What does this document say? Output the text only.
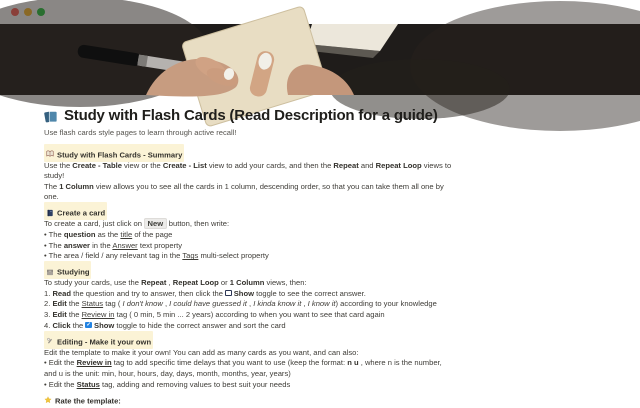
Study with Flash Cards (Read Description for a guide)
Use flash cards style pages to learn through active recall!
Study with Flash Cards - Summary
Use the Create - Table view or the Create - List view to add your cards, and then the Repeat and Repeat Loop views to
study!
The 1 Column view allows you to see all the cards in 1 column, descending order, so that you can take them all one by
one.
Create a card
To create a card, just click on New button, then write:
• The question as the title of the page
• The answer in the Answer text property
• The area / field / any relevant tag in the Tags multi-select property
Studying
To study your cards, use the Repeat , Repeat Loop or 1 Column views, then:
1. Read the question and try to answer, then click the  Show toggle to see the correct answer.
2. Edit the Status tag ( I don't know , I could have guessed it , I kinda know it , I know it) according to your knowledge
3. Edit the Review in tag ( 0 min, 5 min ... 2 years) according to when you want to see that card again
4. Click the ✓ Show toggle to hide the correct answer and sort the card
Editing - Make it your own
Edit the template to make it your own! You can add as many cards as you want, and can also:
• Edit the Review in tag to add specific time delays that you want to use (keep the format: n u , where n is the number,
and u is the unit: min, hour, hours, day, days, month, months, year, years)
• Edit the Status tag, adding and removing values to best suit your needs
Rate the template:
